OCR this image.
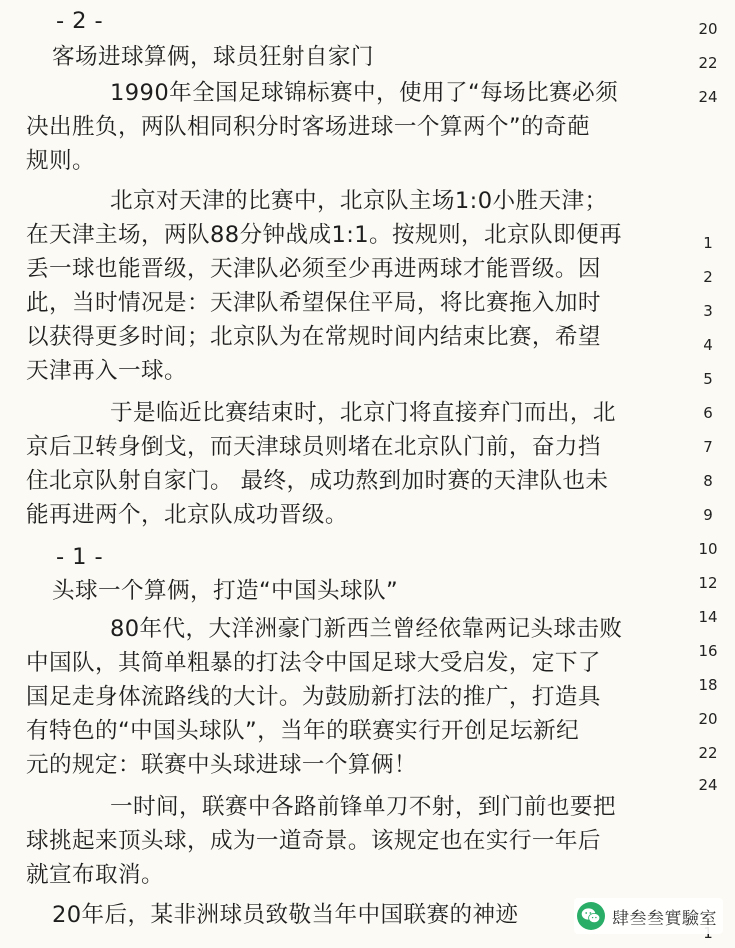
- 2 -
客场进球算俩，球员狂射自家门
1990年全国足球锦标赛中，使用了“每场比赛必须
决出胜负，两队相同积分时客场进球一个算两个”的奇葩
规则。
北京对天津的比赛中，北京队主场1:0小胜天津；
在天津主场，两队88分钟战成1:1。按规则，北京队即便再
丢一球也能晋级，天津队必须至少再进两球才能晋级。因
此，当时情况是：天津队希望保住平局，将比赛拖入加时
以获得更多时间；北京队为在常规时间内结束比赛，希望
天津再入一球。
于是临近比赛结束时，北京门将直接弃门而出，北
京后卫转身倒戈，而天津球员则堵在北京队门前，奋力挡
住北京队射自家门。 最终，成功熬到加时赛的天津队也未
能再进两个，北京队成功晋级。
- 1 -
头球一个算俩，打造“中国头球队”
80年代，大洋洲豪门新西兰曾经依靠两记头球击败
中国队，其简单粗暴的打法令中国足球大受启发，定下了
国足走身体流路线的大计。为鼓励新打法的推广，打造具
有特色的“中国头球队”，当年的联赛实行开创足坛新纪
元的规定：联赛中头球进球一个算俩！
一时间，联赛中各路前锋单刀不射，到门前也要把
球挑起来顶头球，成为一道奇景。该规定也在实行一年后
就宣布取消。
20年后，某非洲球员致敬当年中国联赛的神迹
20
22
24
1
2
3
4
5
6
7
8
9
10
12
14
16
18
20
22
24
肆叁叁實驗室
